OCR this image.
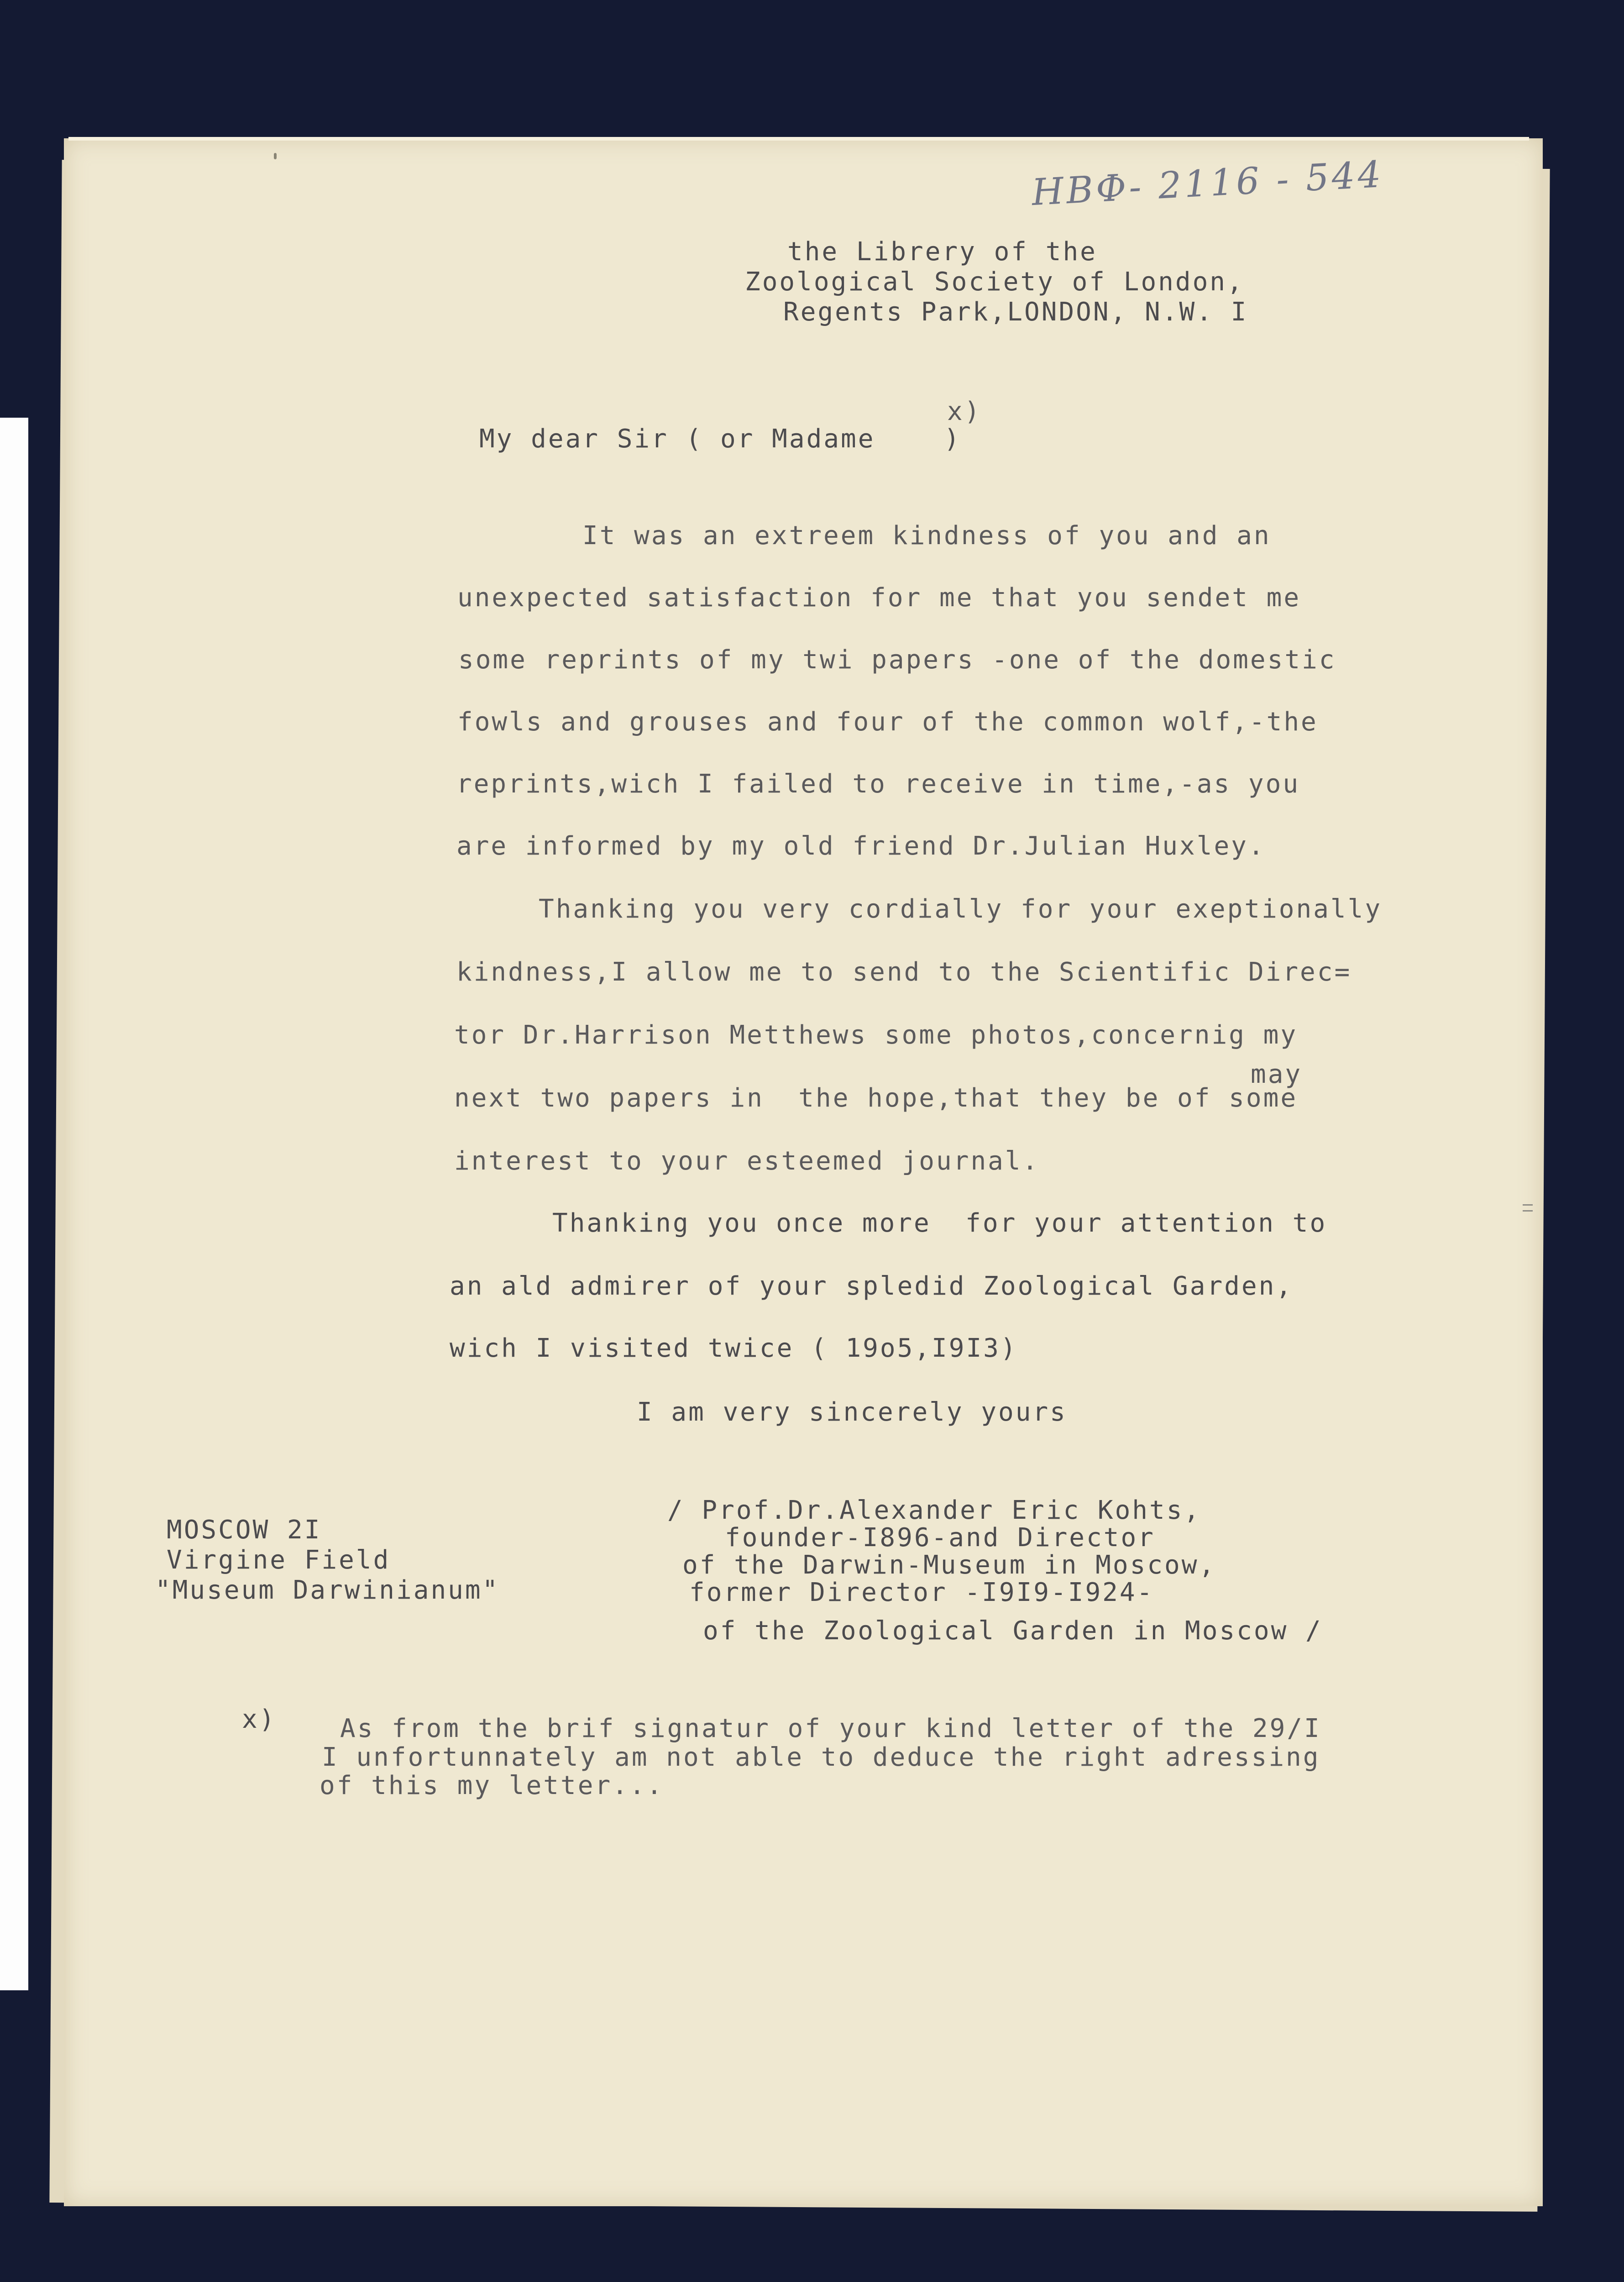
НВФ- 2116 - 544
the Librery of the
Zoological Society of London,
Regents Park,LONDON, N.W. I
x)
My dear Sir ( or Madame    )
It was an extreem kindness of you and an
unexpected satisfaction for me that you sendet me
some reprints of my twi papers -one of the domestic
fowls and grouses and four of the common wolf,-the
reprints,wich I failed to receive in time,-as you
are informed by my old friend Dr.Julian Huxley.
Thanking you very cordially for your exeptionally
kindness,I allow me to send to the Scientific Direc=
tor Dr.Harrison Metthews some photos,concernig my
may
next two papers in  the hope,that they be of some
interest to your esteemed journal.
Thanking you once more  for your attention to
an ald admirer of your spledid Zoological Garden,
wich I visited twice ( 19o5,I9I3)
I am very sincerely yours
MOSCOW 2I
Virgine Field
"Museum Darwinianum"
/ Prof.Dr.Alexander Eric Kohts,
founder-I896-and Director
of the Darwin-Museum in Moscow,
former Director -I9I9-I924-
of the Zoological Garden in Moscow /
x) As from the brif signatur of your kind letter of the 29/I
I unfortunnately am not able to deduce the right adressing
of this my letter...
